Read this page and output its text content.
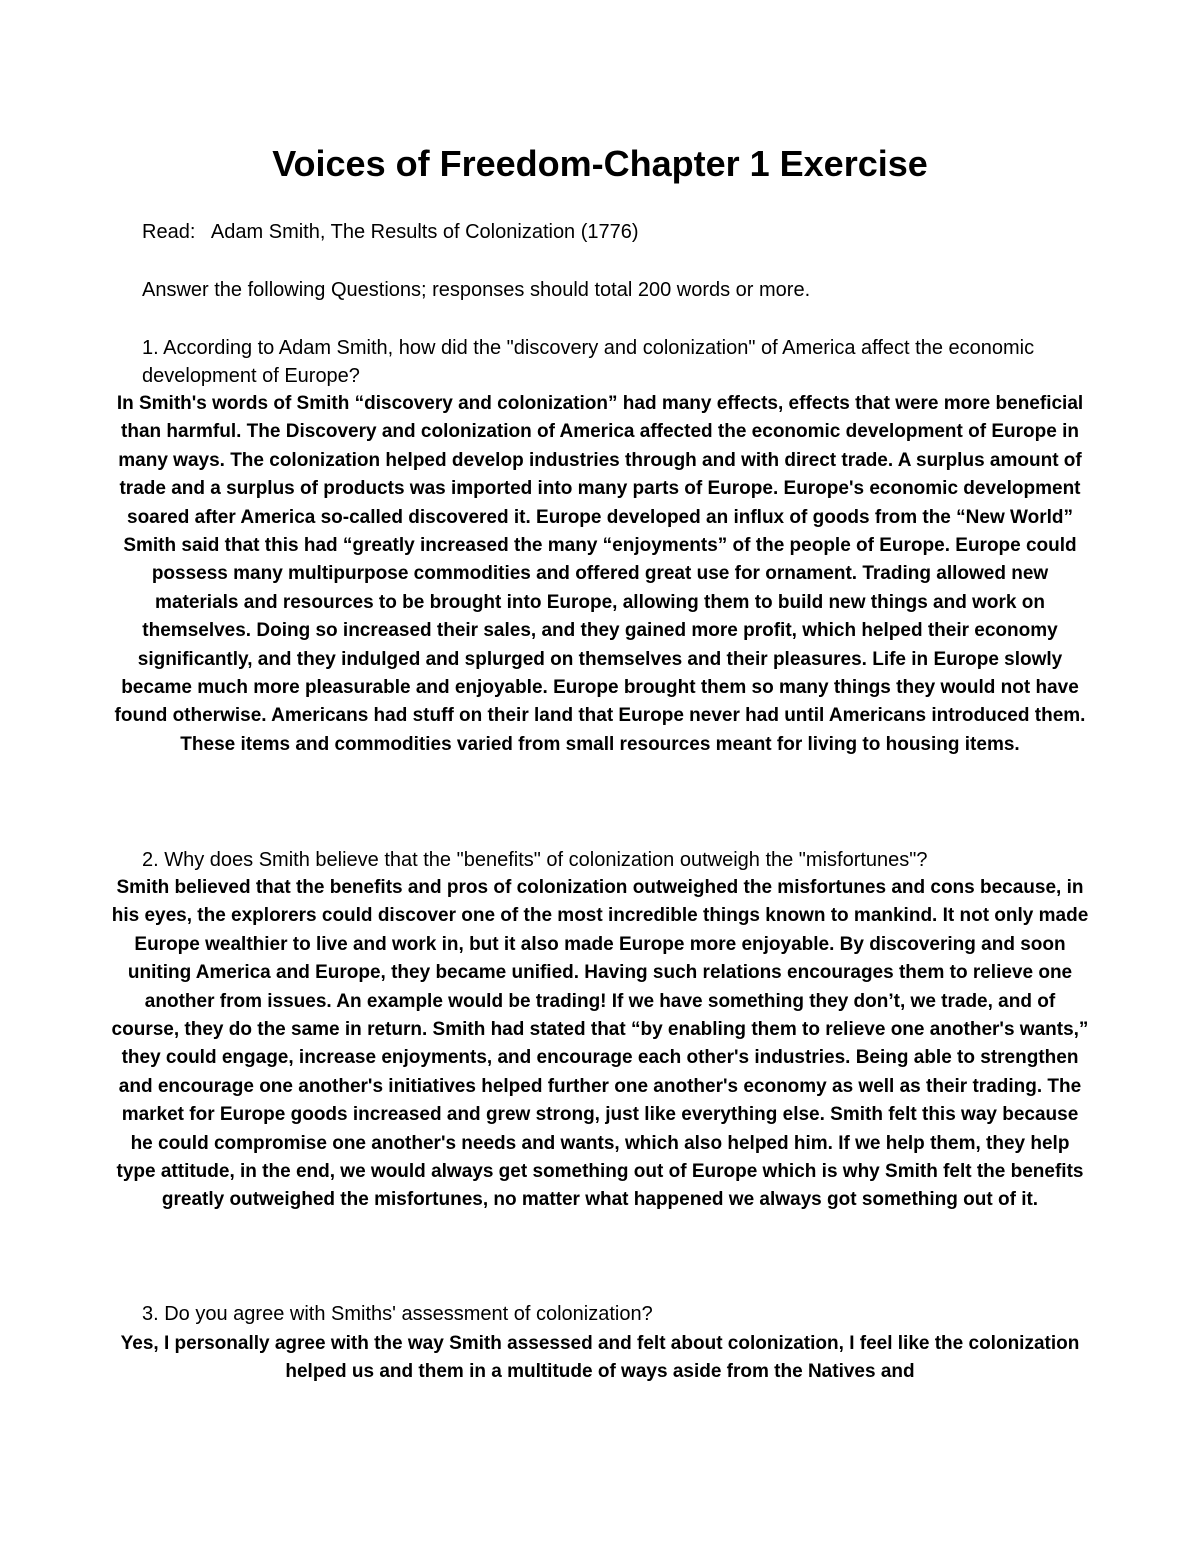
Voices of Freedom-Chapter 1 Exercise

Read:   Adam Smith, The Results of Colonization (1776)

Answer the following Questions; responses should total 200 words or more.

1. According to Adam Smith, how did the "discovery and colonization" of America affect the economic development of Europe?

In Smith's words of Smith “discovery and colonization” had many effects, effects that were more beneficial than harmful. The Discovery and colonization of America affected the economic development of Europe in many ways. The colonization helped develop industries through and with direct trade. A surplus amount of trade and a surplus of products was imported into many parts of Europe. Europe's economic development soared after America so-called discovered it. Europe developed an influx of goods from the “New World” Smith said that this had “greatly increased the many “enjoyments” of the people of Europe. Europe could possess many multipurpose commodities and offered great use for ornament. Trading allowed new materials and resources to be brought into Europe, allowing them to build new things and work on themselves. Doing so increased their sales, and they gained more profit, which helped their economy significantly, and they indulged and splurged on themselves and their pleasures. Life in Europe slowly became much more pleasurable and enjoyable. Europe brought them so many things they would not have found otherwise. Americans had stuff on their land that Europe never had until Americans introduced them. These items and commodities varied from small resources meant for living to housing items.

2. Why does Smith believe that the "benefits" of colonization outweigh the "misfortunes"?

Smith believed that the benefits and pros of colonization outweighed the misfortunes and cons because, in his eyes, the explorers could discover one of the most incredible things known to mankind. It not only made Europe wealthier to live and work in, but it also made Europe more enjoyable. By discovering and soon uniting America and Europe, they became unified. Having such relations encourages them to relieve one another from issues. An example would be trading! If we have something they don’t, we trade, and of course, they do the same in return. Smith had stated that “by enabling them to relieve one another's wants,” they could engage, increase enjoyments, and encourage each other's industries. Being able to strengthen and encourage one another's initiatives helped further one another's economy as well as their trading. The market for Europe goods increased and grew strong, just like everything else. Smith felt this way because he could compromise one another's needs and wants, which also helped him. If we help them, they help type attitude, in the end, we would always get something out of Europe which is why Smith felt the benefits greatly outweighed the misfortunes, no matter what happened we always got something out of it.

3. Do you agree with Smiths' assessment of colonization?

Yes, I personally agree with the way Smith assessed and felt about colonization, I feel like the colonization helped us and them in a multitude of ways aside from the Natives and
